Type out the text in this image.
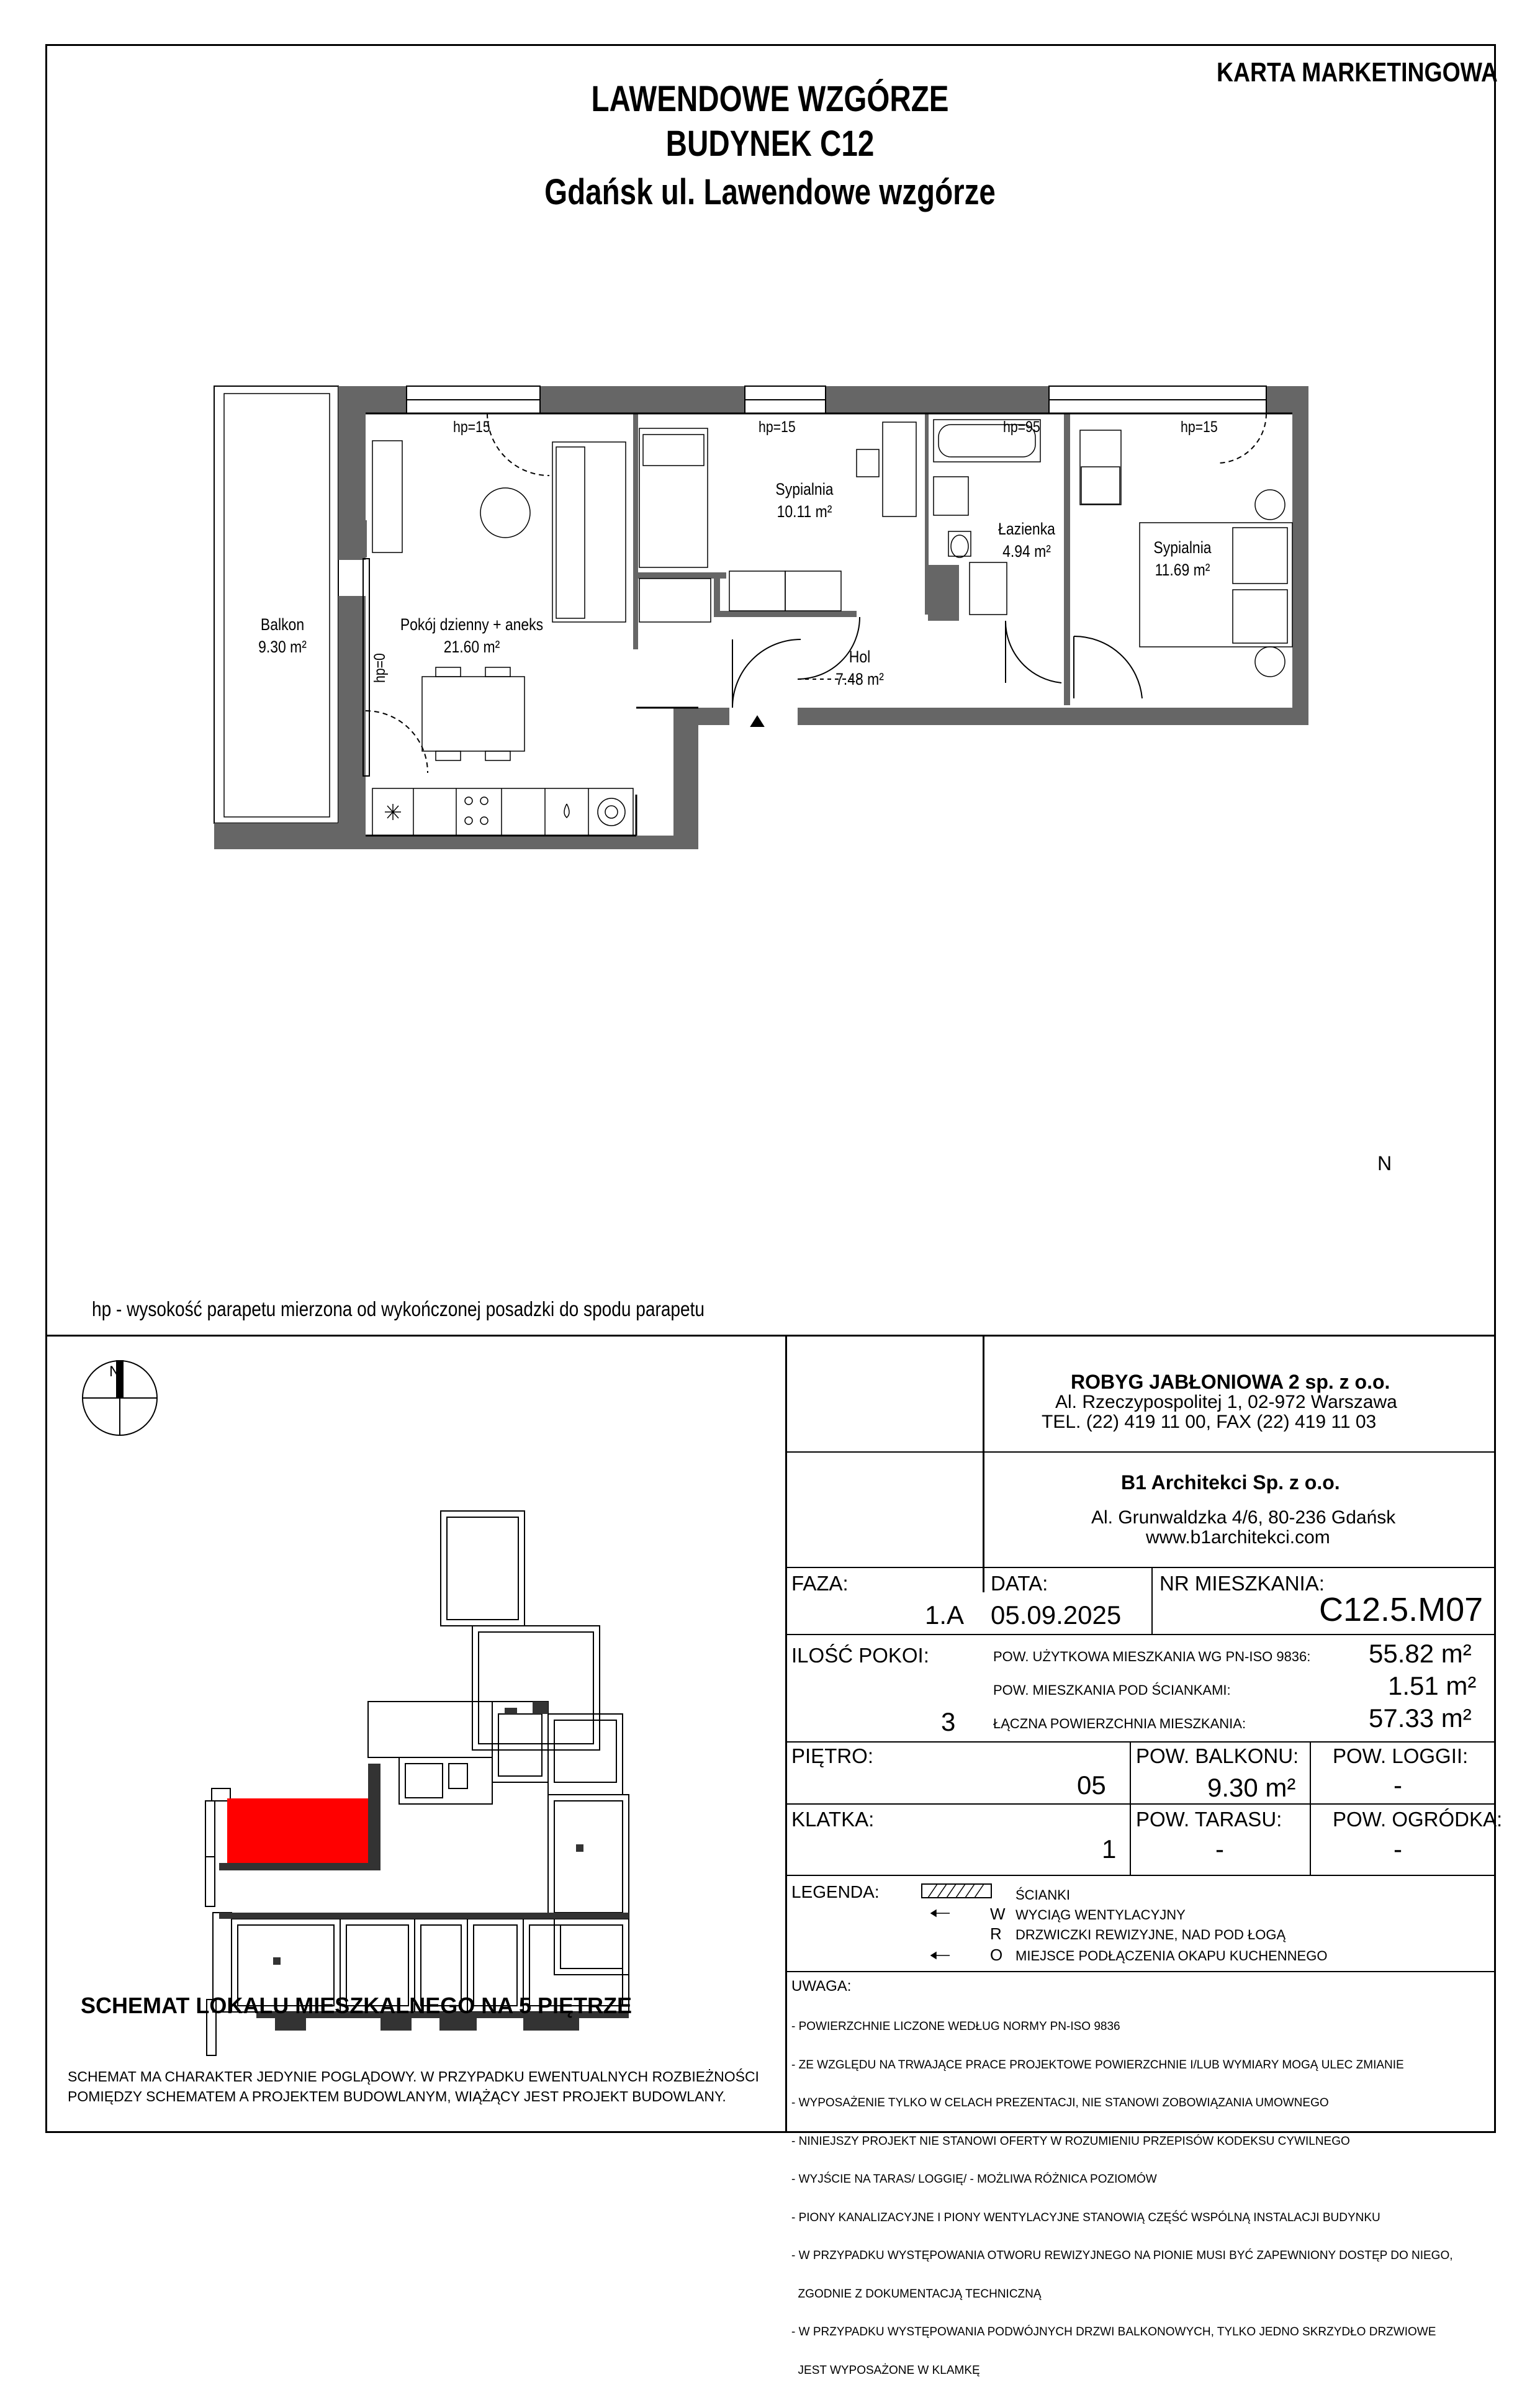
KARTA MARKETINGOWA
LAWENDOWE WZGÓRZE
BUDYNEK C12
Gdańsk ul. Lawendowe wzgórze
N
Balkon
9.30 m²
Pokój dzienny + aneks
21.60 m²
Sypialnia
10.11 m²
Łazienka
4.94 m²	Sypialnia
11.69 m²
Hol
7.48 m²
hp=15	hp=15	hp=95	hp=15
hp=0
hp - wysokość parapetu mierzona od wykończonej posadzki do spodu parapetu
SCHEMAT LOKALU MIESZKALNEGO NA 5 PIĘTRZE
SCHEMAT MA CHARAKTER JEDYNIE POGLĄDOWY. W PRZYPADKU EWENTUALNYCH ROZBIEŻNOŚCI
POMIĘDZY SCHEMATEM A PROJEKTEM BUDOWLANYM, WIĄŻĄCY JEST PROJEKT BUDOWLANY.
N	ROBYG JABŁONIOWA 2 sp. z o.o.
Al. Rzeczypospolitej 1, 02-972 Warszawa
TEL. (22) 419 11 00, FAX (22) 419 11 03
B1 Architekci Sp. z o.o.
Al. Grunwaldzka 4/6, 80-236 Gdańsk
www.b1architekci.com
FAZA:
1.A
DATA:
05.09.2025
NR MIESZKANIA:
C12.5.M07
ILOŚĆ POKOI:
3
POW. UŻYTKOWA MIESZKANIA WG PN-ISO 9836: 55.82 m²
POW. MIESZKANIA POD ŚCIANKAMI:	1.51 m²
ŁĄCZNA POWIERZCHNIA MIESZKANIA:	57.33 m²
PIĘTRO:
05
POW. BALKONU:
9.30 m²
POW. LOGGII:
-
KLATKA:
1
POW. TARASU:
-
POW. OGRÓDKA:
-
LEGENDA:
W
R
O
ŚCIANKI
WYCIĄG WENTYLACYJNY
DRZWICZKI REWIZYJNE, NAD POD ŁOGĄ
MIEJSCE PODŁĄCZENIA OKAPU KUCHENNEGO
UWAGA:

- POWIERZCHNIE LICZONE WEDŁUG NORMY PN-ISO 9836

- ZE WZGLĘDU NA TRWAJĄCE PRACE PROJEKTOWE POWIERZCHNIE I/LUB WYMIARY MOGĄ ULEC ZMIANIE

- WYPOSAŻENIE TYLKO W CELACH PREZENTACJI, NIE STANOWI ZOBOWIĄZANIA UMOWNEGO

- NINIEJSZY PROJEKT NIE STANOWI OFERTY W ROZUMIENIU PRZEPISÓW KODEKSU CYWILNEGO

- WYJŚCIE NA TARAS/ LOGGIĘ/ - MOŻLIWA RÓŻNICA POZIOMÓW

- PIONY KANALIZACYJNE I PIONY WENTYLACYJNE STANOWIĄ CZĘŚĆ WSPÓLNĄ INSTALACJI BUDYNKU

- W PRZYPADKU WYSTĘPOWANIA OTWORU REWIZYJNEGO NA PIONIE MUSI BYĆ ZAPEWNIONY DOSTĘP DO NIEGO,

ZGODNIE Z DOKUMENTACJĄ TECHNICZNĄ

- W PRZYPADKU WYSTĘPOWANIA PODWÓJNYCH DRZWI BALKONOWYCH, TYLKO JEDNO SKRZYDŁO DRZWIOWE

JEST WYPOSAŻONE W KLAMKĘ
